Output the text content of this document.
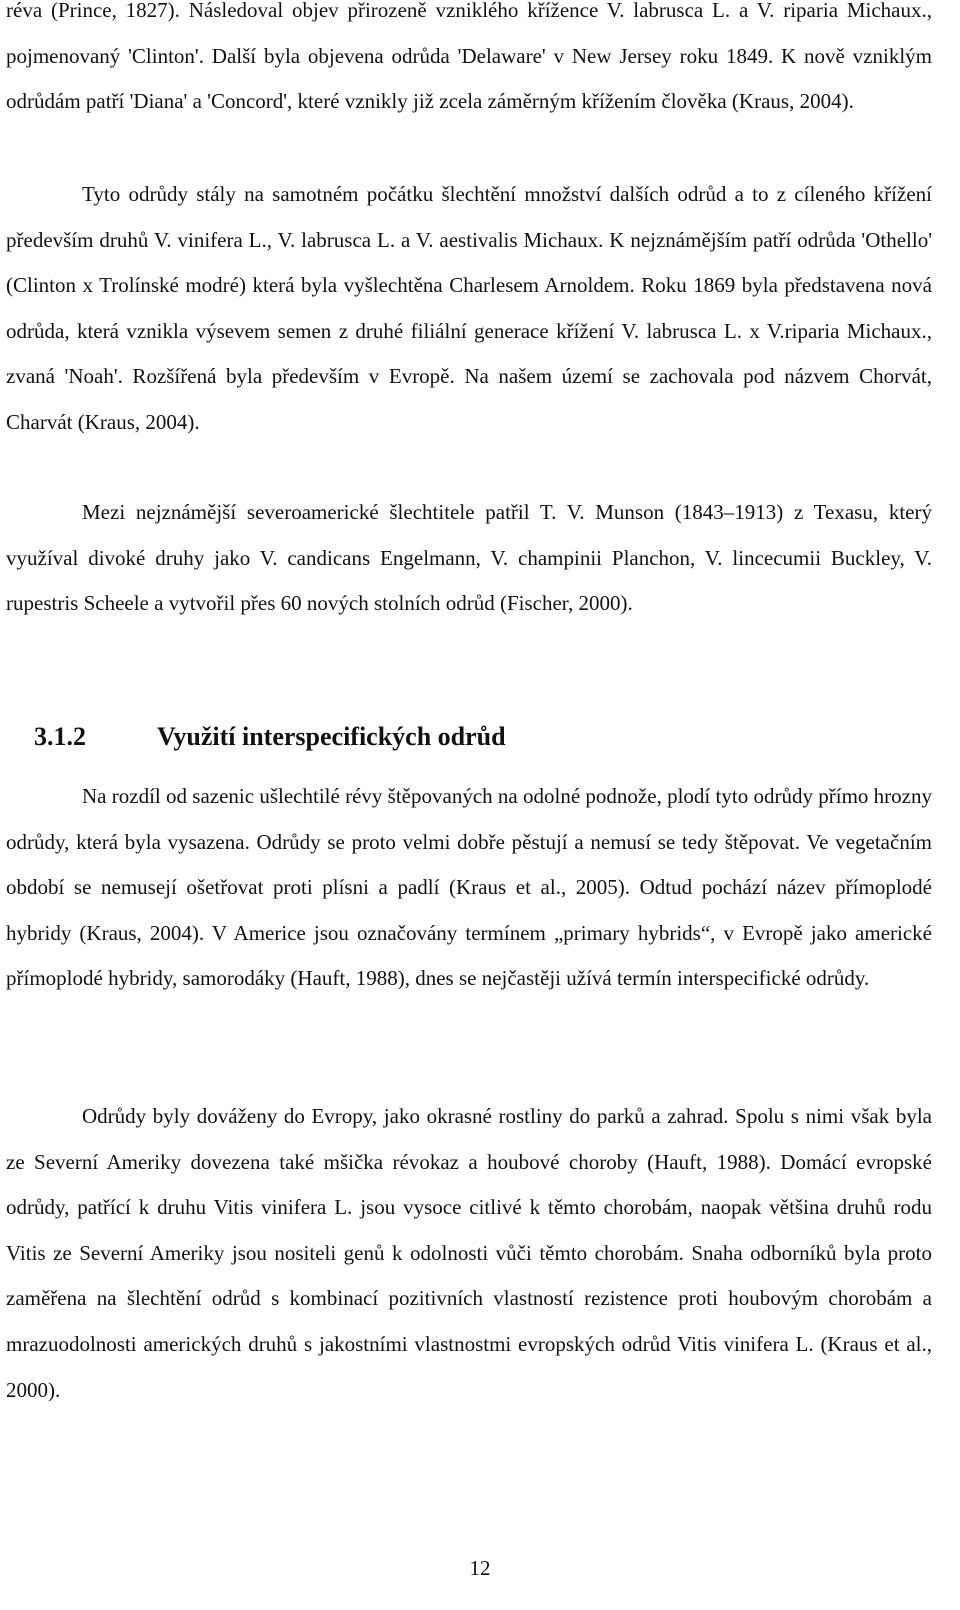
réva (Prince, 1827). Následoval objev přirozeně vzniklého křížence V. labrusca L. a V. riparia Michaux., pojmenovaný 'Clinton'. Další byla objevena odrůda 'Delaware' v New Jersey roku 1849. K nově vzniklým odrůdám patří 'Diana' a 'Concord', které vznikly již zcela záměrným křížením člověka (Kraus, 2004).

Tyto odrůdy stály na samotném počátku šlechtění množství dalších odrůd a to z cíleného křížení především druhů V. vinifera L., V. labrusca L. a V. aestivalis Michaux. K nejznámějším patří odrůda 'Othello' (Clinton x Trolínské modré) která byla vyšlechtěna Charlesem Arnoldem. Roku 1869 byla představena nová odrůda, která vznikla výsevem semen z druhé filiální generace křížení V. labrusca L. x V.riparia Michaux., zvaná 'Noah'. Rozšířená byla především v Evropě. Na našem území se zachovala pod názvem Chorvát, Charvát (Kraus, 2004).

Mezi nejznámější severoamerické šlechtitele patřil T. V. Munson (1843–1913) z Texasu, který využíval divoké druhy jako V. candicans Engelmann, V. champinii Planchon, V. lincecumii Buckley, V. rupestris Scheele a vytvořil přes 60 nových stolních odrůd (Fischer, 2000).

3.1.2	Využití interspecifických odrůd

Na rozdíl od sazenic ušlechtilé révy štěpovaných na odolné podnože, plodí tyto odrůdy přímo hrozny odrůdy, která byla vysazena. Odrůdy se proto velmi dobře pěstují a nemusí se tedy štěpovat. Ve vegetačním období se nemusejí ošetřovat proti plísni a padlí (Kraus et al., 2005). Odtud pochází název přímoplodé hybridy (Kraus, 2004). V Americe jsou označovány termínem „primary hybrids“, v Evropě jako americké přímoplodé hybridy, samorodáky (Hauft, 1988), dnes se nejčastěji užívá termín interspecifické odrůdy.

Odrůdy byly dováženy do Evropy, jako okrasné rostliny do parků a zahrad. Spolu s nimi však byla ze Severní Ameriky dovezena také mšička révokaz a houbové choroby (Hauft, 1988). Domácí evropské odrůdy, patřící k druhu Vitis vinifera L. jsou vysoce citlivé k těmto chorobám, naopak většina druhů rodu Vitis ze Severní Ameriky jsou nositeli genů k odolnosti vůči těmto chorobám. Snaha odborníků byla proto zaměřena na šlechtění odrůd s kombinací pozitivních vlastností rezistence proti houbovým chorobám a mrazuodolnosti amerických druhů s jakostními vlastnostmi evropských odrůd Vitis vinifera L. (Kraus et al., 2000).

12
